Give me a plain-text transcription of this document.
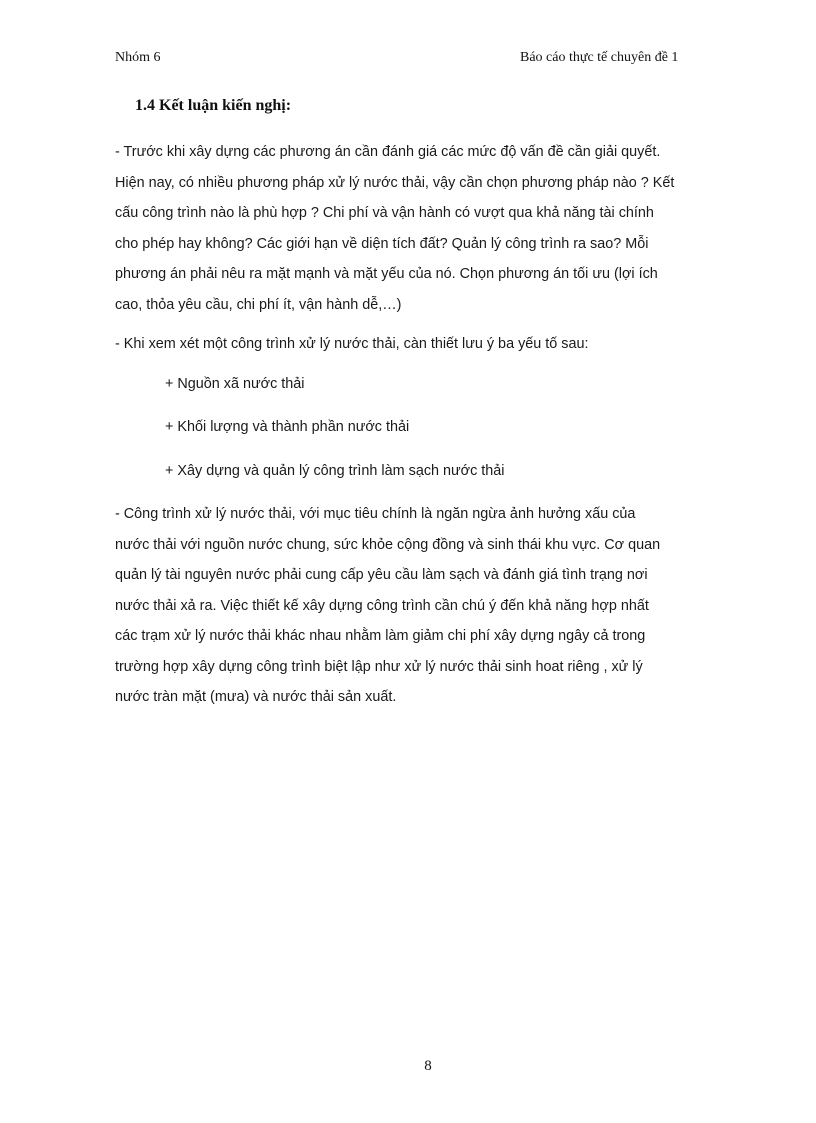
Nhóm 6	Báo cáo thực tế chuyên đề 1
1.4 Kết luận kiến nghị:

- Trước khi xây dựng các phương án cần đánh giá các mức độ vấn đề cần giải quyết.
Hiện nay, có nhiều phương pháp xử lý nước thải, vậy cần chọn phương pháp nào ? Kết
cấu công trình nào là phù hợp ? Chi phí và vận hành có vượt qua khả năng tài chính
cho phép hay không? Các giới hạn về diện tích đất? Quản lý công trình ra sao? Mỗi
phương án phải nêu ra mặt mạnh và mặt yếu của nó. Chọn phương án tối ưu (lợi ích
cao, thỏa yêu cầu, chi phí ít, vận hành dễ,…)

- Khi xem xét một công trình xử lý nước thải, càn thiết lưu ý ba yếu tố sau:

+ Nguồn xã nước thải

+ Khối lượng và thành phần nước thải

+ Xây dựng và quản lý công trình làm sạch nước thải

- Công trình xử lý nước thải, với mục tiêu chính là ngăn ngừa ảnh hưởng xấu của
nước thải với nguồn nước chung, sức khỏe cộng đồng và sinh thái khu vực. Cơ quan
quản lý tài nguyên nước phải cung cấp yêu cầu làm sạch và đánh giá tình trạng nơi
nước thải xả ra. Việc thiết kế xây dựng công trình cần chú ý đến khả năng hợp nhất
các trạm xử lý nước thải khác nhau nhằm làm giảm chi phí xây dựng ngây cả trong
trường hợp xây dựng công trình biệt lập như xử lý nước thải sinh hoat riêng , xử lý
nước tràn mặt (mưa) và nước thải sản xuất.

8
